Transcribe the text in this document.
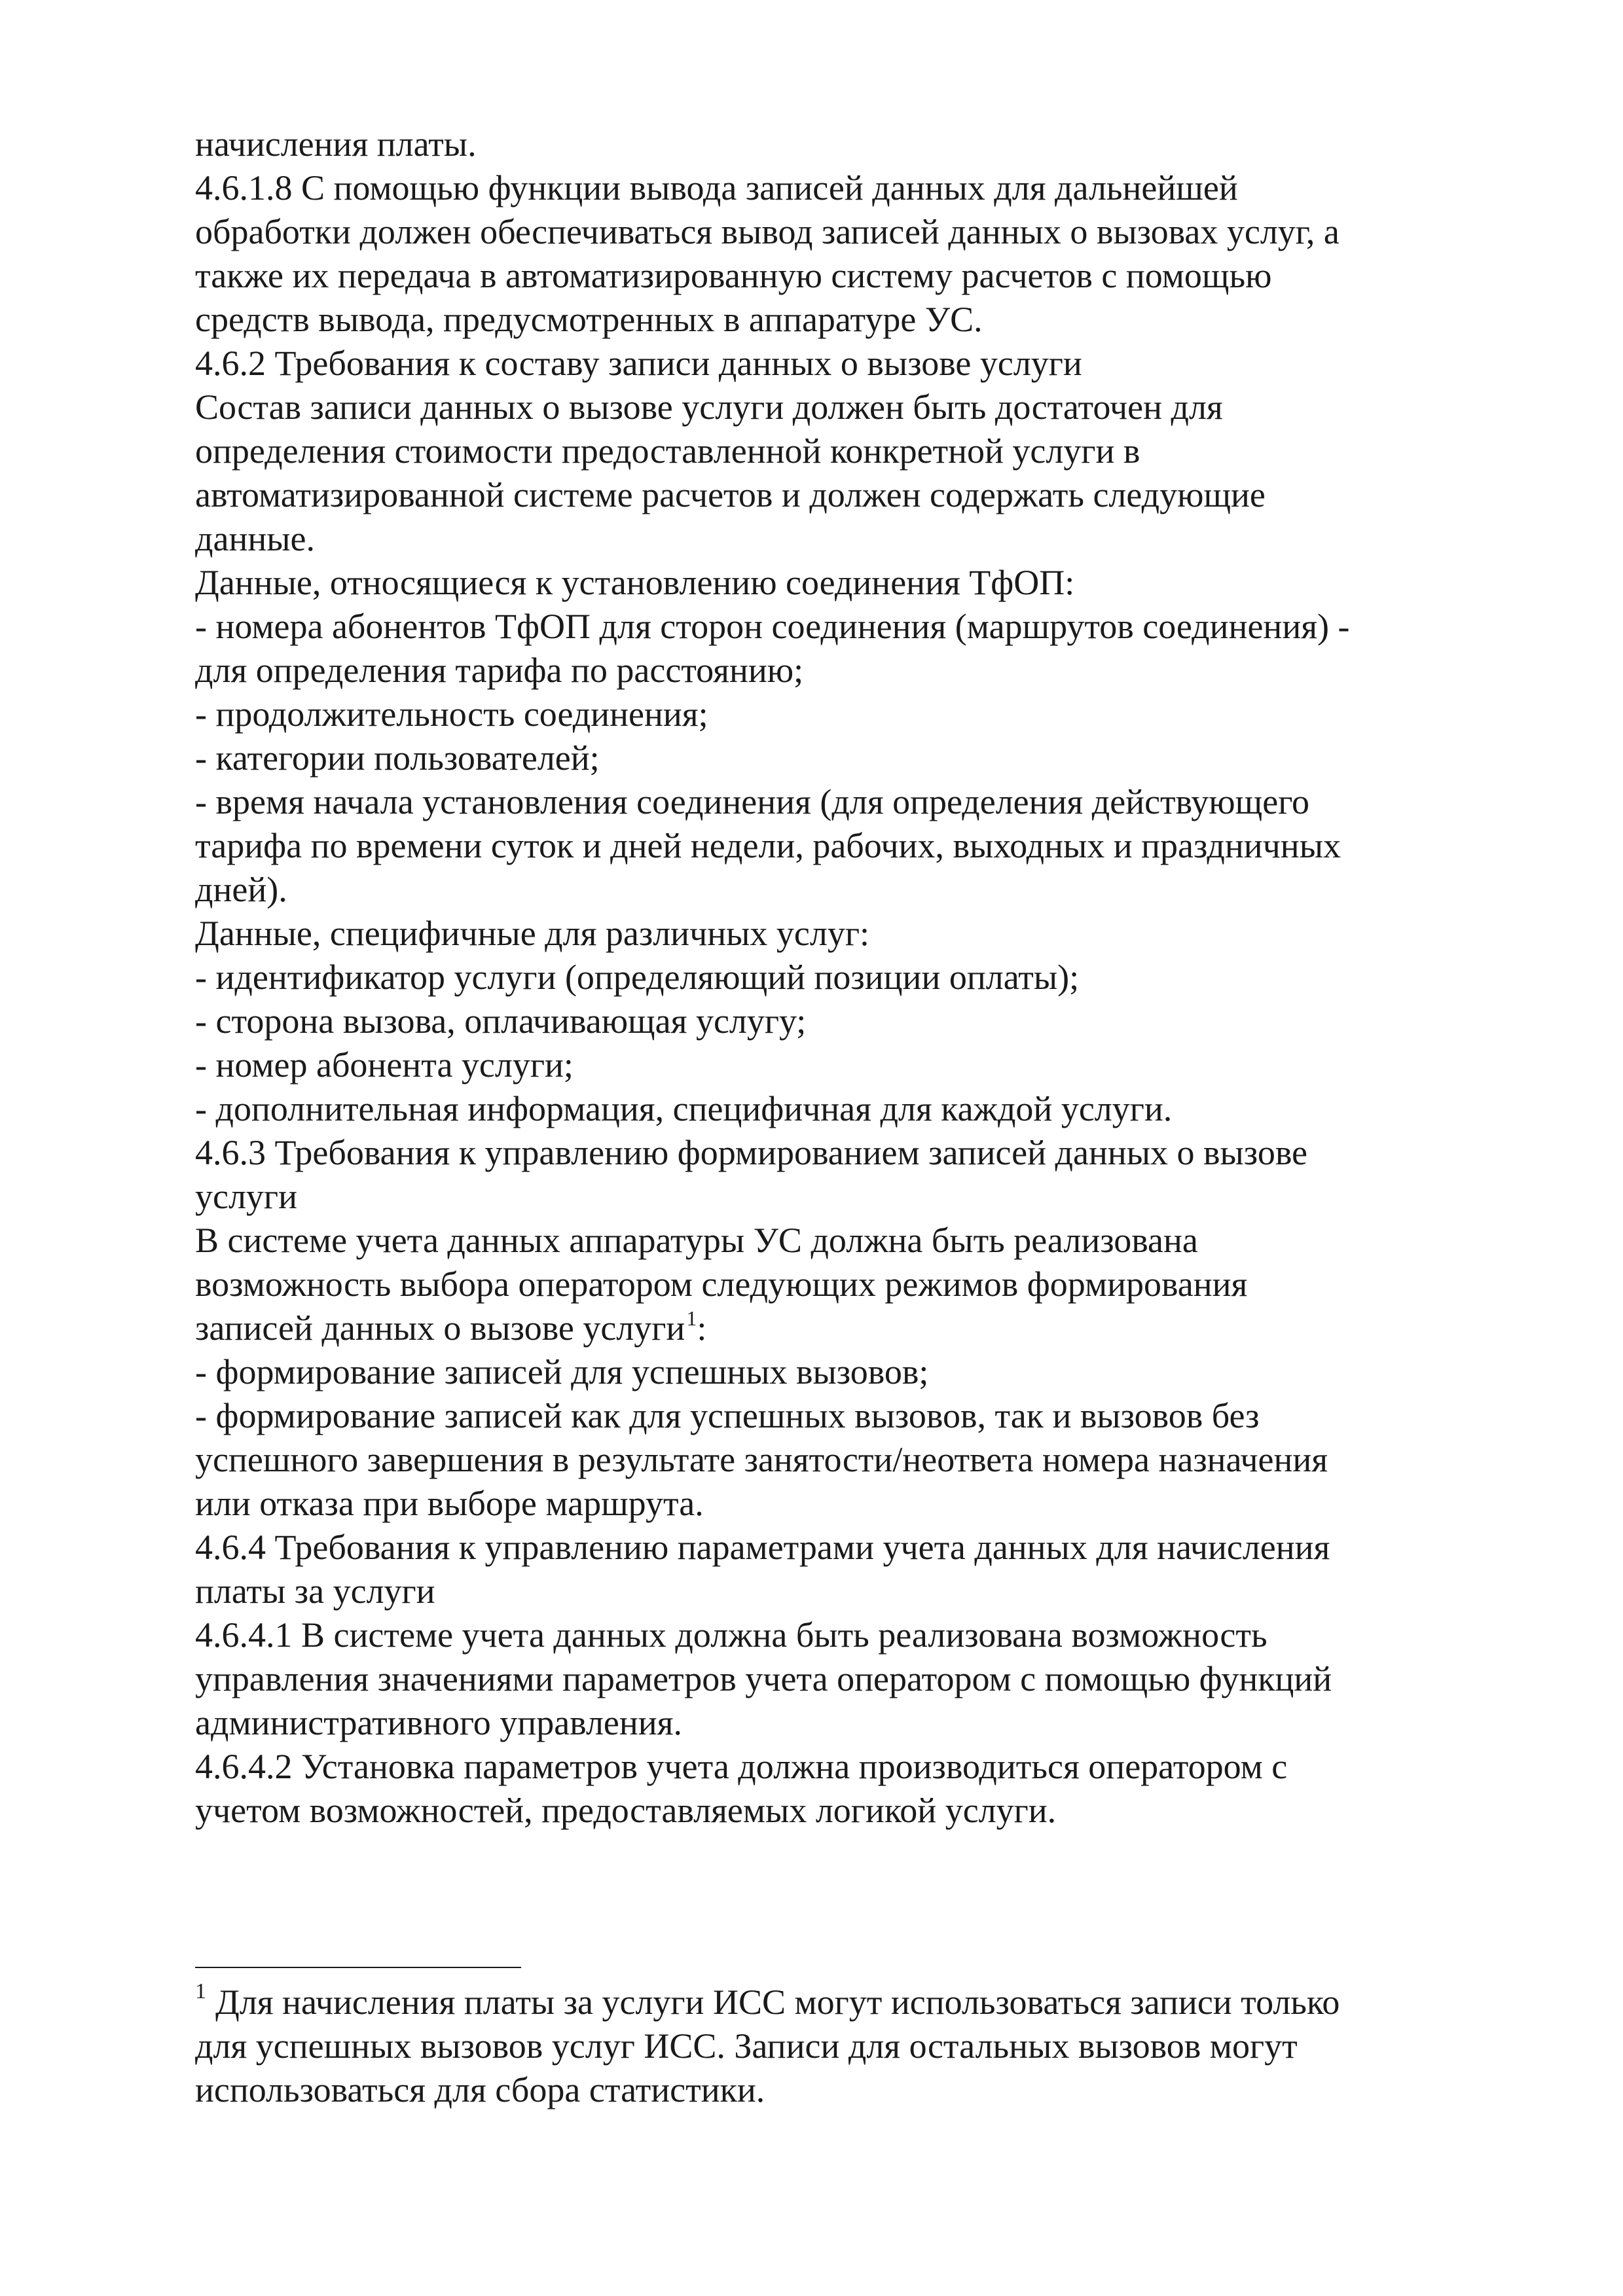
начисления платы.

4.6.1.8 С помощью функции вывода записей данных для дальнейшей

обработки должен обеспечиваться вывод записей данных о вызовах услуг, а

также их передача в автоматизированную систему расчетов с помощью

средств вывода, предусмотренных в аппаратуре УС.

4.6.2 Требования к составу записи данных о вызове услуги

Состав записи данных о вызове услуги должен быть достаточен для

определения стоимости предоставленной конкретной услуги в

автоматизированной системе расчетов и должен содержать следующие

данные.

Данные, относящиеся к установлению соединения ТфОП:

- номера абонентов ТфОП для сторон соединения (маршрутов соединения) -

для определения тарифа по расстоянию;

- продолжительность соединения;

- категории пользователей;

- время начала установления соединения (для определения действующего

тарифа по времени суток и дней недели, рабочих, выходных и праздничных

дней).

Данные, специфичные для различных услуг:

- идентификатор услуги (определяющий позиции оплаты);

- сторона вызова, оплачивающая услугу;

- номер абонента услуги;

- дополнительная информация, специфичная для каждой услуги.

4.6.3 Требования к управлению формированием записей данных о вызове

услуги

В системе учета данных аппаратуры УС должна быть реализована

возможность выбора оператором следующих режимов формирования

записей данных о вызове услуги$^1$:

- формирование записей для успешных вызовов;

- формирование записей как для успешных вызовов, так и вызовов без

успешного завершения в результате занятости/неответа номера назначения

или отказа при выборе маршрута.

4.6.4 Требования к управлению параметрами учета данных для начисления

платы за услуги

4.6.4.1 В системе учета данных должна быть реализована возможность

управления значениями параметров учета оператором с помощью функций

административного управления.

4.6.4.2 Установка параметров учета должна производиться оператором с

учетом возможностей, предоставляемых логикой услуги.

$^1$ Для начисления платы за услуги ИСС могут использоваться записи только

для успешных вызовов услуг ИСС. Записи для остальных вызовов могут

использоваться для сбора статистики.
